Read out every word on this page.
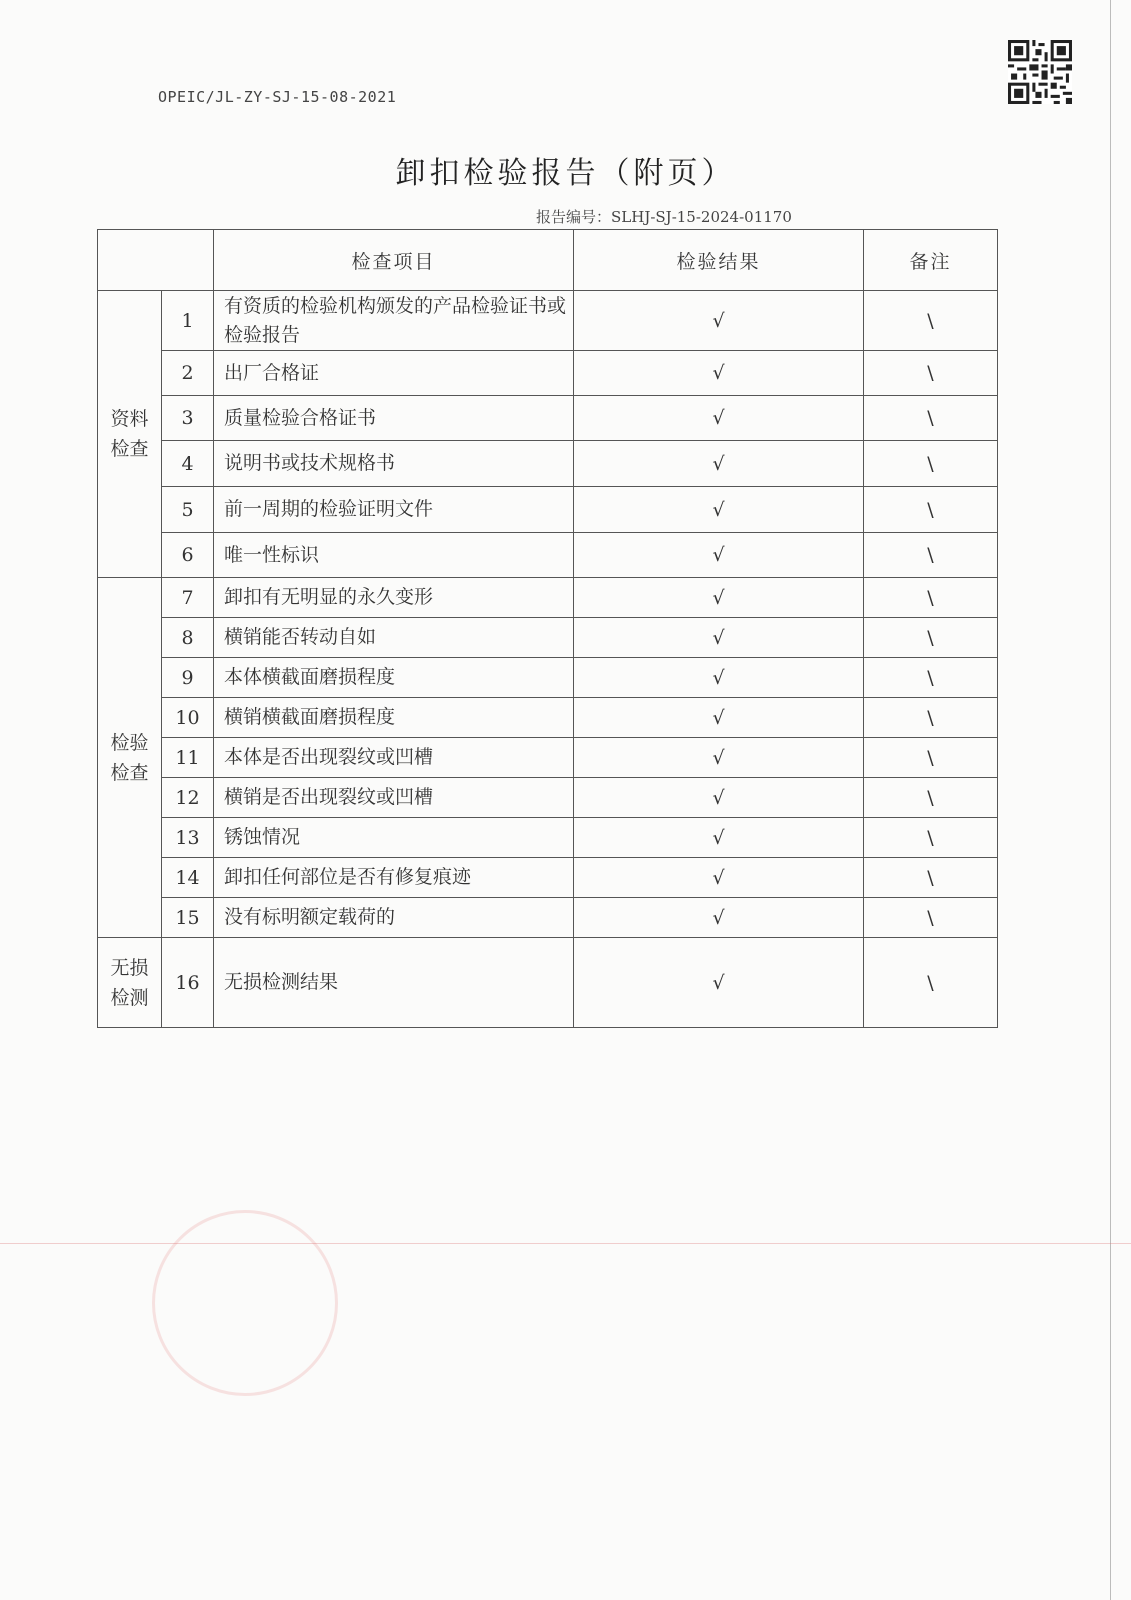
OPEIC/JL-ZY-SJ-15-08-2021
卸扣检验报告（附页）
报告编号：SLHJ-SJ-15-2024-01170
		检查项目	检验结果	备注
资料
检查	1	有资质的检验机构颁发的产品检验证书或检验报告	√	\
	2	出厂合格证	√	\
	3	质量检验合格证书	√	\
	4	说明书或技术规格书	√	\
	5	前一周期的检验证明文件	√	\
	6	唯一性标识	√	\
检验
检查	7	卸扣有无明显的永久变形	√	\
	8	横销能否转动自如	√	\
	9	本体横截面磨损程度	√	\
	10	横销横截面磨损程度	√	\
	11	本体是否出现裂纹或凹槽	√	\
	12	横销是否出现裂纹或凹槽	√	\
	13	锈蚀情况	√	\
	14	卸扣任何部位是否有修复痕迹	√	\
	15	没有标明额定载荷的	√	\
无损
检测	16	无损检测结果	√	\
